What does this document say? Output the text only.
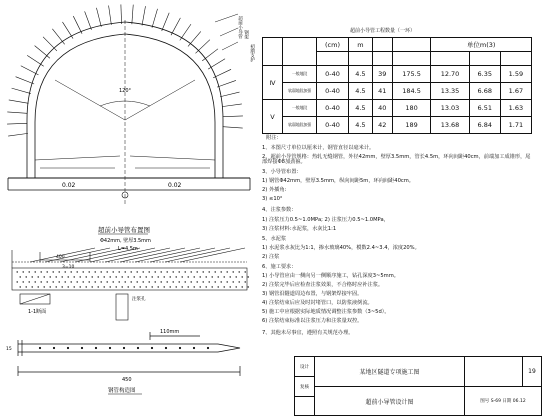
超前小导管 钢架
初期支护
120°
0.02	0.02
超前小导管布置图
Φ42mm, 壁厚3.5mm
L=4.5m
400
3=10
1-1断面
注浆孔
110mm
450
15
钢管构造图
超前小导管工程数量（一环）
		(cm)	m			单位m(3)		

Ⅳ	一般地段	0-40	4.5	39	175.5	12.70	6.35	1.59
	软弱地段加强	0-40	4.5	41	184.5	13.35	6.68	1.67
Ⅴ	一般地段	0-40	4.5	40	180	13.03	6.51	1.63
	软弱地段加强	0-40	4.5	42	189	13.68	6.84	1.71
附注：
1、本图尺寸单位以厘米计，钢管直径以毫米计。
2、超前小导管规格：热轧无缝钢管，外径42mm，壁厚3.5mm，管长4.5m，环向间距40cm，前端加工成锥形，尾部焊接Φ8加劲箍。
3、小导管布置：
1) 钢管Φ42mm，壁厚3.5mm，纵向间距5m，环向间距40cm。
2) 外插角:
3) ≤10°
4、注浆参数：
1) 注浆压力0.5~1.0MPa; 2) 注浆压力0.5~1.0MPa，
3) 注浆材料:水泥浆，水灰比1:1
5、水泥浆
1) 水泥浆水灰比为1:1，掺水玻璃40%，模数2.4~3.4，浓度20%。
2) 注浆
6、施工要求：
1) 小导管应由一侧向另一侧顺序施工，钻孔深度3~5mm。
2) 注浆完毕后应检查注浆效果，不合格时应补注浆。
3) 钢管沿隧道周边布置，与钢架焊接牢固。
4) 注浆结束后应及时封堵管口，以防浆液倒流。
5) 施工中应根据实际地质情况调整注浆参数（3~5d）。
6) 注浆结束标准以注浆压力和注浆量双控。
7、其他未尽事宜，遵照有关规范办理。
设计
复核
某地区隧道专项施工图
超前小导管设计图
19
图号 S-69 日期 06.12
